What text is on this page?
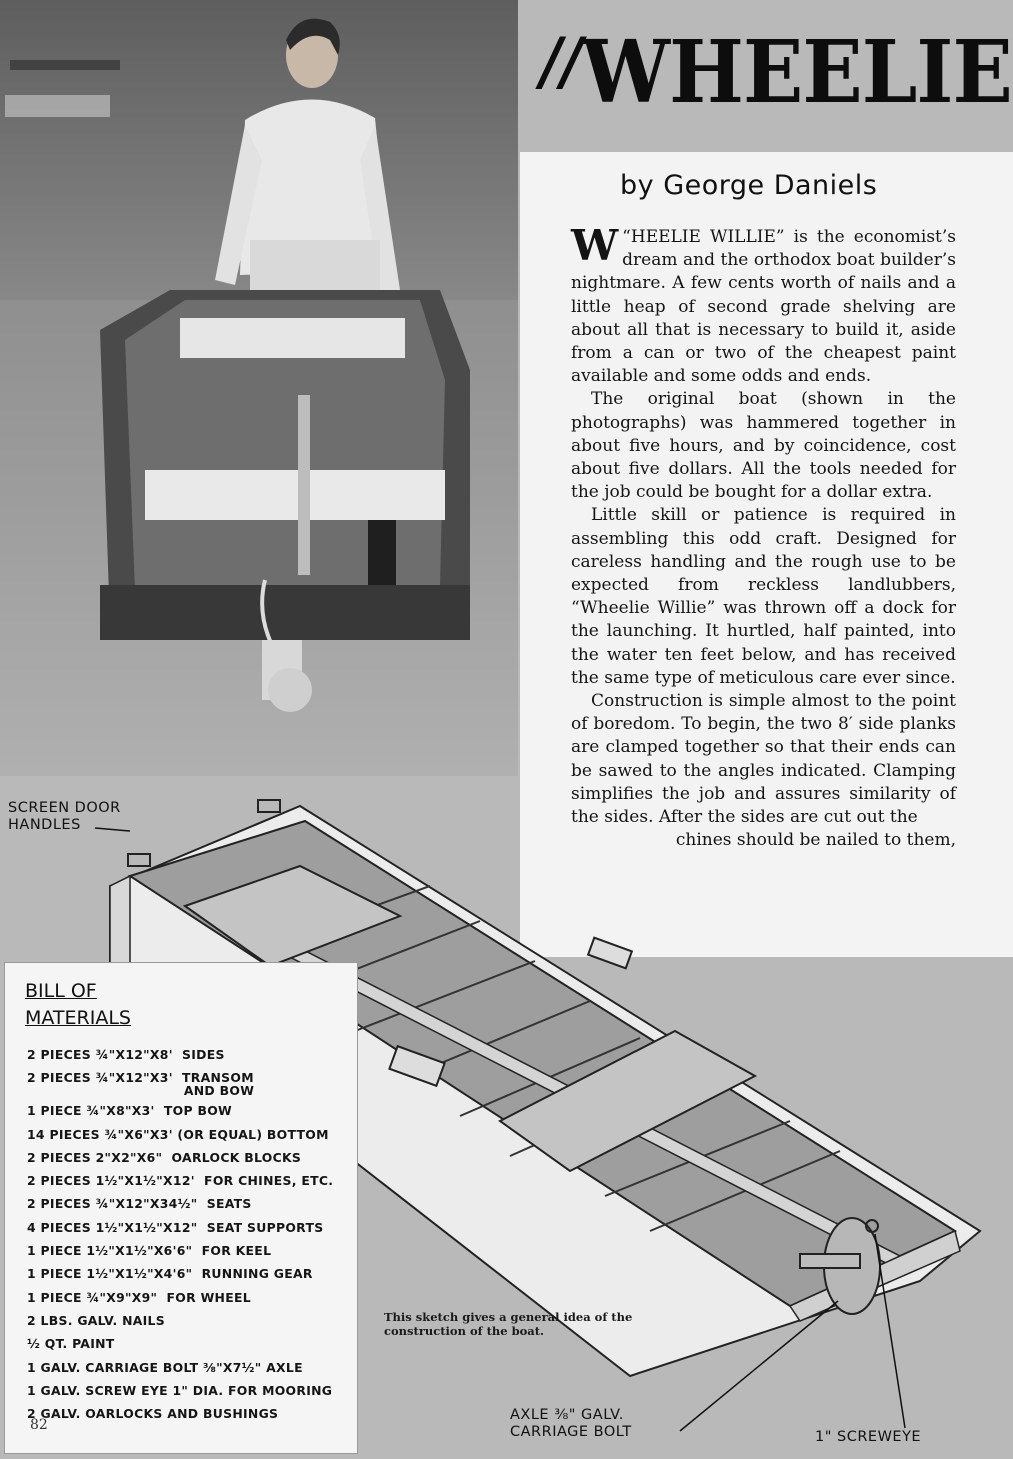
//WHEELIE
by George Daniels

“
W HEELIE WILLIE” is the economist’s dream and the orthodox boat builder’s nightmare. A few cents worth of nails and a little heap of second grade shelving are about all that is necessary to build it, aside from a can or two of the cheapest paint available and some odds and ends.

The original boat (shown in the photographs) was hammered together in about five hours, and by coincidence, cost about five dollars. All the tools needed for the job could be bought for a dollar extra.

Little skill or patience is required in assembling this odd craft. Designed for careless handling and the rough use to be expected from reckless landlubbers, “Wheelie Willie” was thrown off a dock for the launching. It hurtled, half painted, into the water ten feet below, and has received the same type of meticulous care ever since.

Construction is simple almost to the point of boredom. To begin, the two 8′ side planks are clamped together so that their ends can be sawed to the angles indicated. Clamping simplifies the job and assures similarity of the sides. After the sides are cut out the

chines should be nailed to them,

SCREEN DOOR
HANDLES
AXLE ⅜" GALV.
CARRIAGE BOLT	1" SCREWEYE
This sketch gives a general idea of the construction of the boat.
BILL OF
MATERIALS
2 PIECES ¾"X12"X8'  SIDES
2 PIECES ¾"X12"X3'  TRANSOM
AND BOW
1 PIECE ¾"X8"X3'  TOP BOW
14 PIECES ¾"X6"X3' (OR EQUAL) BOTTOM
2 PIECES 2"X2"X6"  OARLOCK BLOCKS
2 PIECES 1½"X1½"X12'  FOR CHINES, ETC.
2 PIECES ¾"X12"X34½"  SEATS
4 PIECES 1½"X1½"X12"  SEAT SUPPORTS
1 PIECE 1½"X1½"X6'6"  FOR KEEL
1 PIECE 1½"X1½"X4'6"  RUNNING GEAR
1 PIECE ¾"X9"X9"  FOR WHEEL
2 LBS. GALV. NAILS
½ QT. PAINT
1 GALV. CARRIAGE BOLT ⅜"X7½" AXLE
1 GALV. SCREW EYE 1" DIA. FOR MOORING
2 GALV. OARLOCKS AND BUSHINGS
82
